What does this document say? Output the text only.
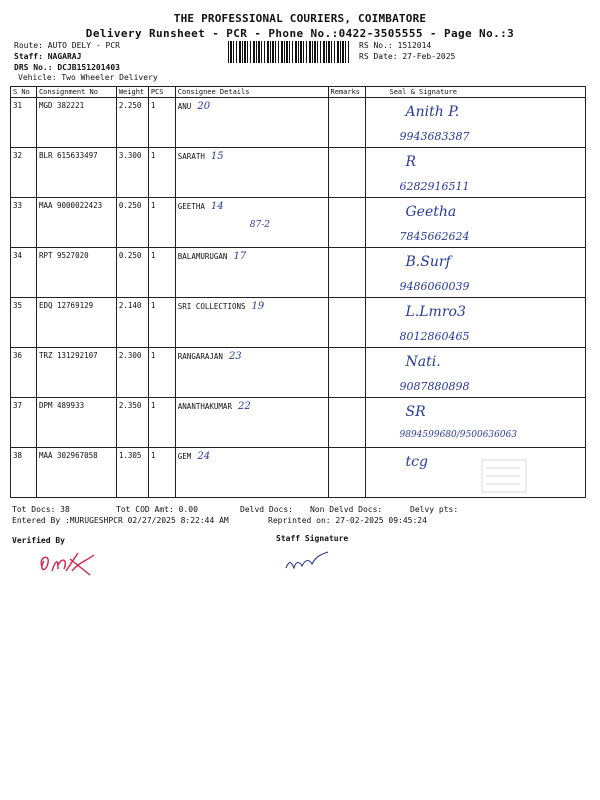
THE PROFESSIONAL COURIERS, COIMBATORE
Delivery Runsheet - PCR - Phone No.:0422-3505555 - Page No.:3
Route: AUTO DELY - PCR
Staff: NAGARAJ
DRS No.: DCJB151201403
Vehicle: Two Wheeler Delivery
RS No.: 1512014
RS Date: 27-Feb-2025
S No	Consignment No	Weight	PCS	Consignee Details	Remarks	Seal & Signature
31	MGD 382221	2.250	1	ANU 20		Anith P.
9943683387

32	BLR 615633497	3.300	1	SARATH 15		R
6282916511

33	MAA 9000022423	0.250	1	GEETHA 14
87-2		Geetha
7845662624

34	RPT 9527020	0.250	1	BALAMURUGAN 17		B.Surf
9486060039

35	EDQ 12769129	2.140	1	SRI COLLECTIONS 19		L.Lmro3
8012860465

36	TRZ 131292107	2.300	1	RANGARAJAN 23		Nati.
9087880898

37	DPM 489933	2.350	1	ANANTHAKUMAR 22		SR
9894599680/9500636063

38	MAA 302967058	1.305	1	GEM 24		tcg
Tot Docs: 38	Tot COD Amt: 0.00	Delvd Docs: Non Delvd Docs:	Delvy pts:
Entered By :MURUGESHPCR 02/27/2025 8:22:44 AM	Reprinted on: 27-02-2025 09:45:24
Verified By	Staff Signature
